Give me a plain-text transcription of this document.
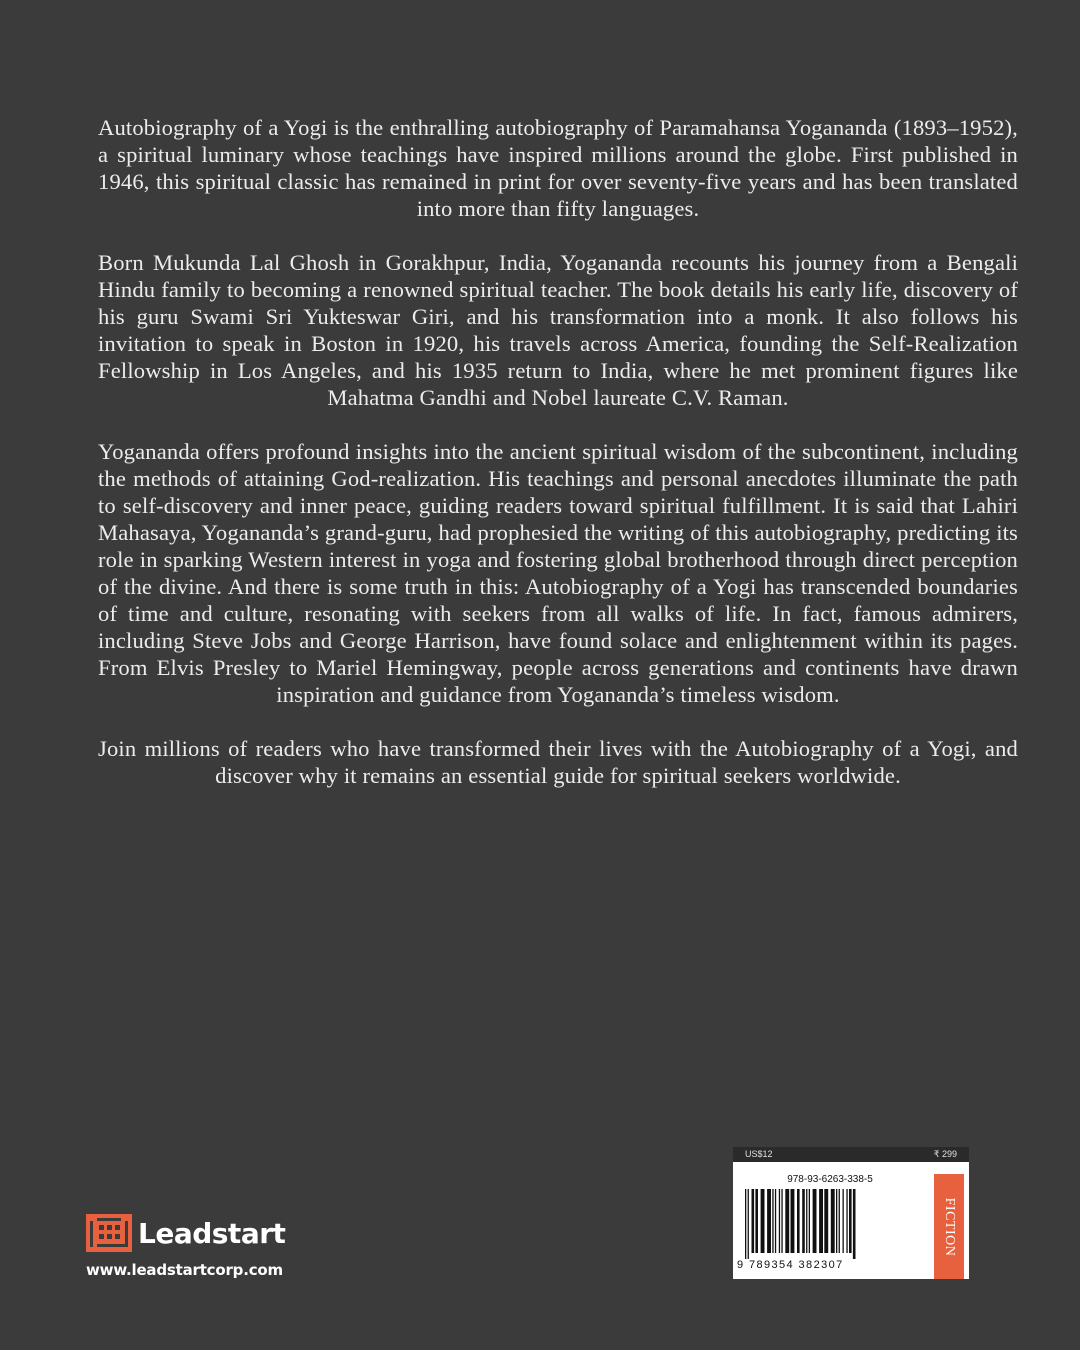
Autobiography of a Yogi is the enthralling autobiography of Paramahansa Yogananda (1893–1952), a spiritual luminary whose teachings have inspired millions around the globe. First published in 1946, this spiritual classic has remained in print for over seventy-five years and has been translated into more than fifty languages.

Born Mukunda Lal Ghosh in Gorakhpur, India, Yogananda recounts his journey from a Bengali Hindu family to becoming a renowned spiritual teacher. The book details his early life, discovery of his guru Swami Sri Yukteswar Giri, and his transformation into a monk. It also follows his invitation to speak in Boston in 1920, his travels across America, founding the Self-Realization Fellowship in Los Angeles, and his 1935 return to India, where he met prominent figures like Mahatma Gandhi and Nobel laureate C.V. Raman.

Yogananda offers profound insights into the ancient spiritual wisdom of the subcontinent, including the methods of attaining God-realization. His teachings and personal anecdotes illuminate the path to self-discovery and inner peace, guiding readers toward spiritual fulfillment. It is said that Lahiri Mahasaya, Yogananda’s grand-guru, had prophesied the writing of this autobiography, predicting its role in sparking Western interest in yoga and fostering global brotherhood through direct perception of the divine. And there is some truth in this: Autobiography of a Yogi has transcended boundaries of time and culture, resonating with seekers from all walks of life. In fact, famous admirers, including Steve Jobs and George Harrison, have found solace and enlightenment within its pages. From Elvis Presley to Mariel Hemingway, people across generations and continents have drawn inspiration and guidance from Yogananda’s timeless wisdom.

Join millions of readers who have transformed their lives with the Autobiography of a Yogi, and discover why it remains an essential guide for spiritual seekers worldwide.

Leadstart
www.leadstartcorp.com
US$12	₹ 299
978-93-6263-338-5
9 789354 382307
FICTION
